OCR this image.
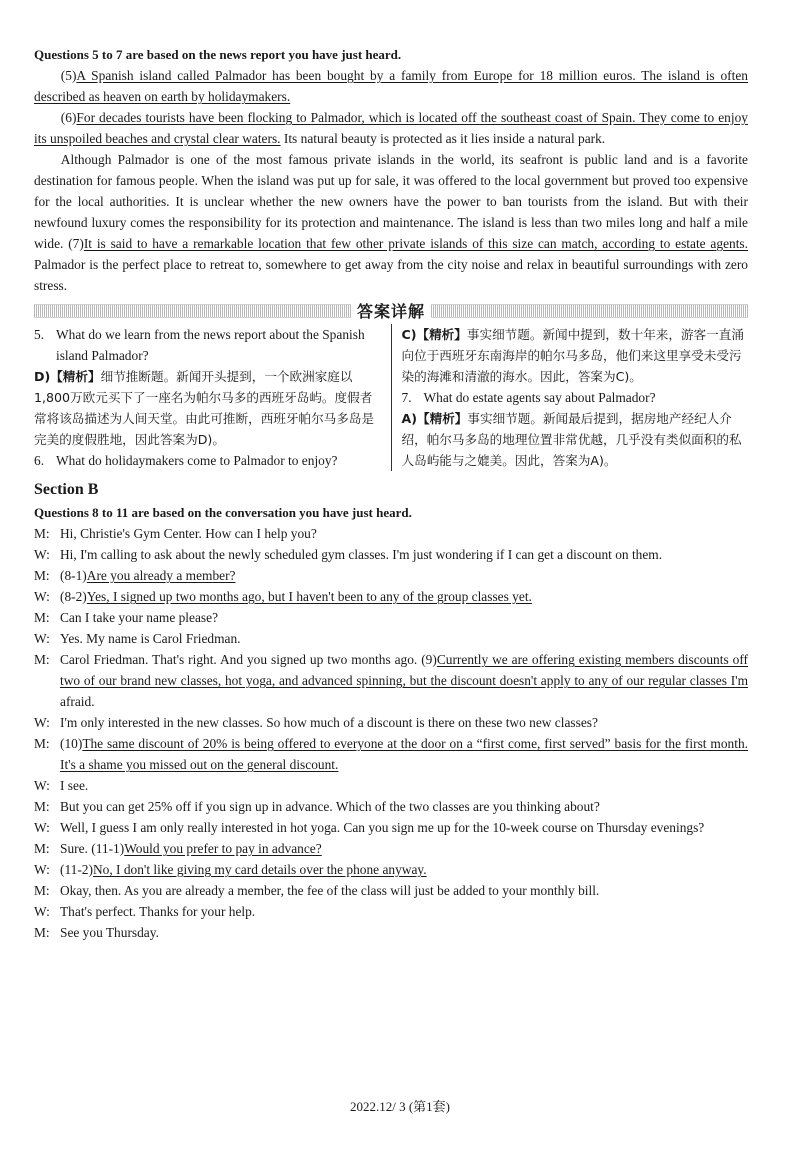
Questions 5 to 7 are based on the news report you have just heard.

(5)A Spanish island called Palmador has been bought by a family from Europe for 18 million euros. The island is often described as heaven on earth by holidaymakers.

(6)For decades tourists have been flocking to Palmador, which is located off the southeast coast of Spain. They come to enjoy its unspoiled beaches and crystal clear waters. Its natural beauty is protected as it lies inside a natural park.

Although Palmador is one of the most famous private islands in the world, its seafront is public land and is a favorite destination for famous people. When the island was put up for sale, it was offered to the local government but proved too expensive for the local authorities. It is unclear whether the new owners have the power to ban tourists from the island. But with their newfound luxury comes the responsibility for its protection and maintenance. The island is less than two miles long and half a mile wide. (7)It is said to have a remarkable location that few other private islands of this size can match, according to estate agents. Palmador is the perfect place to retreat to, somewhere to get away from the city noise and relax in beautiful surroundings with zero stress.

答案详解
5. What do we learn from the news report about the Spanish island Palmador?
D)【精析】细节推断题。新闻开头提到，一个欧洲家庭以1,800万欧元买下了一座名为帕尔马多的西班牙岛屿。度假者常将该岛描述为人间天堂。由此可推断，西班牙帕尔马多岛是完美的度假胜地，因此答案为D)。
6. What do holidaymakers come to Palmador to enjoy?
C)【精析】事实细节题。新闻中提到，数十年来，游客一直涌向位于西班牙东南海岸的帕尔马多岛，他们来这里享受未受污染的海滩和清澈的海水。因此，答案为C)。
7. What do estate agents say about Palmador?
A)【精析】事实细节题。新闻最后提到，据房地产经纪人介绍，帕尔马多岛的地理位置非常优越，几乎没有类似面积的私人岛屿能与之媲美。因此，答案为A)。
Section B
Questions 8 to 11 are based on the conversation you have just heard.
M: Hi, Christie's Gym Center. How can I help you?
W: Hi, I'm calling to ask about the newly scheduled gym classes. I'm just wondering if I can get a discount on them.
M: (8-1)Are you already a member?
W: (8-2)Yes, I signed up two months ago, but I haven't been to any of the group classes yet.
M: Can I take your name please?
W: Yes. My name is Carol Friedman.
M: Carol Friedman. That's right. And you signed up two months ago. (9)Currently we are offering existing members discounts off two of our brand new classes, hot yoga, and advanced spinning, but the discount doesn't apply to any of our regular classes I'm afraid.
W: I'm only interested in the new classes. So how much of a discount is there on these two new classes?
M: (10)The same discount of 20% is being offered to everyone at the door on a “first come, first served” basis for the first month. It's a shame you missed out on the general discount.
W: I see.
M: But you can get 25% off if you sign up in advance. Which of the two classes are you thinking about?
W: Well, I guess I am only really interested in hot yoga. Can you sign me up for the 10-week course on Thursday evenings?
M: Sure. (11-1)Would you prefer to pay in advance?
W: (11-2)No, I don't like giving my card details over the phone anyway.
M: Okay, then. As you are already a member, the fee of the class will just be added to your monthly bill.
W: That's perfect. Thanks for your help.
M: See you Thursday.
2022.12/ 3 (第1套)
